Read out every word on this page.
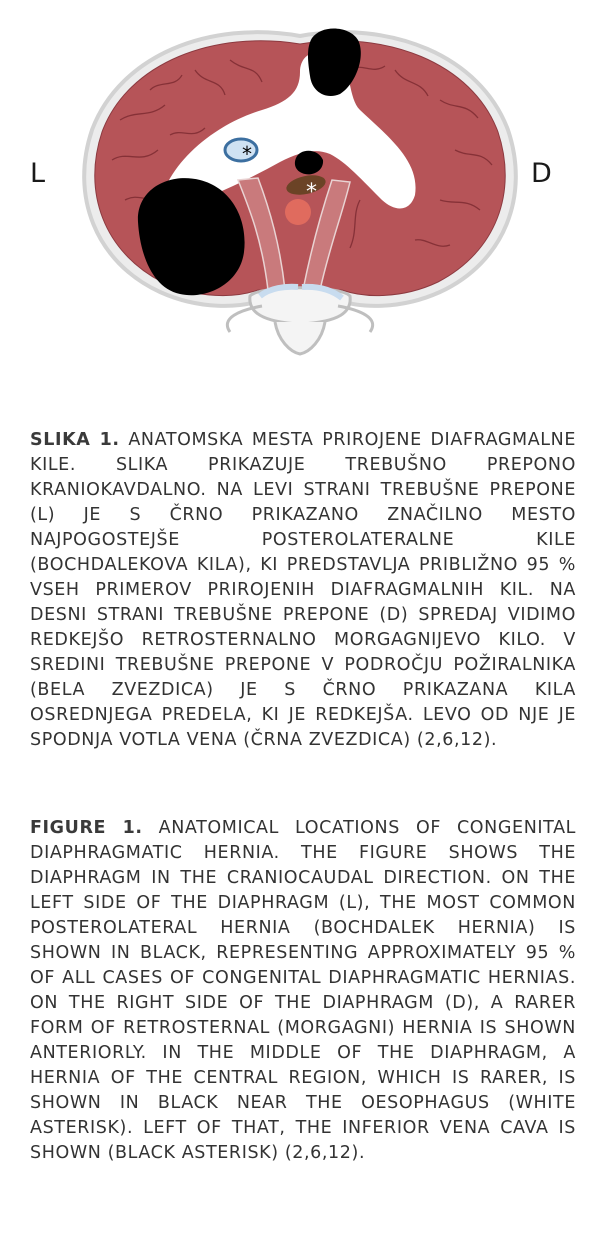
*
*
L	D
SLIKA 1. ANATOMSKA MESTA PRIROJENE DIAFRAGMALNE KILE. SLIKA PRIKAZUJE TREBUŠNO PREPONO KRANIOKAVDALNO. NA LEVI STRANI TREBUŠNE PREPONE (L) JE S ČRNO PRIKAZANO ZNAČILNO MESTO NAJPOGOSTEJŠE POSTEROLATERALNE KILE (BOCHDALEKOVA KILA), KI PREDSTAVLJA PRIBLIŽNO 95 % VSEH PRIMEROV PRIROJENIH DIAFRAGMALNIH KIL. NA DESNI STRANI TREBUŠNE PREPONE (D) SPREDAJ VIDIMO REDKEJŠO RETROSTERNALNO MORGAGNIJEVO KILO. V SREDINI TREBUŠNE PREPONE V PODROČJU POŽIRALNIKA (BELA ZVEZDICA) JE S ČRNO PRIKAZANA KILA OSREDNJEGA PREDELA, KI JE REDKEJŠA. LEVO OD NJE JE SPODNJA VOTLA VENA (ČRNA ZVEZDICA) (2,6,12).
FIGURE 1. ANATOMICAL LOCATIONS OF CONGENITAL DIAPHRAGMATIC HERNIA. THE FIGURE SHOWS THE DIAPHRAGM IN THE CRANIOCAUDAL DIRECTION. ON THE LEFT SIDE OF THE DIAPHRAGM (L), THE MOST COMMON POSTEROLATERAL HERNIA (BOCHDALEK HERNIA) IS SHOWN IN BLACK, REPRESENTING APPROXIMATELY 95 % OF ALL CASES OF CONGENITAL DIAPHRAGMATIC HERNIAS. ON THE RIGHT SIDE OF THE DIAPHRAGM (D), A RARER FORM OF RETROSTERNAL (MORGAGNI) HERNIA IS SHOWN ANTERIORLY. IN THE MIDDLE OF THE DIAPHRAGM, A HERNIA OF THE CENTRAL REGION, WHICH IS RARER, IS SHOWN IN BLACK NEAR THE OESOPHAGUS (WHITE ASTERISK). LEFT OF THAT, THE INFERIOR VENA CAVA IS SHOWN (BLACK ASTERISK) (2,6,12).
